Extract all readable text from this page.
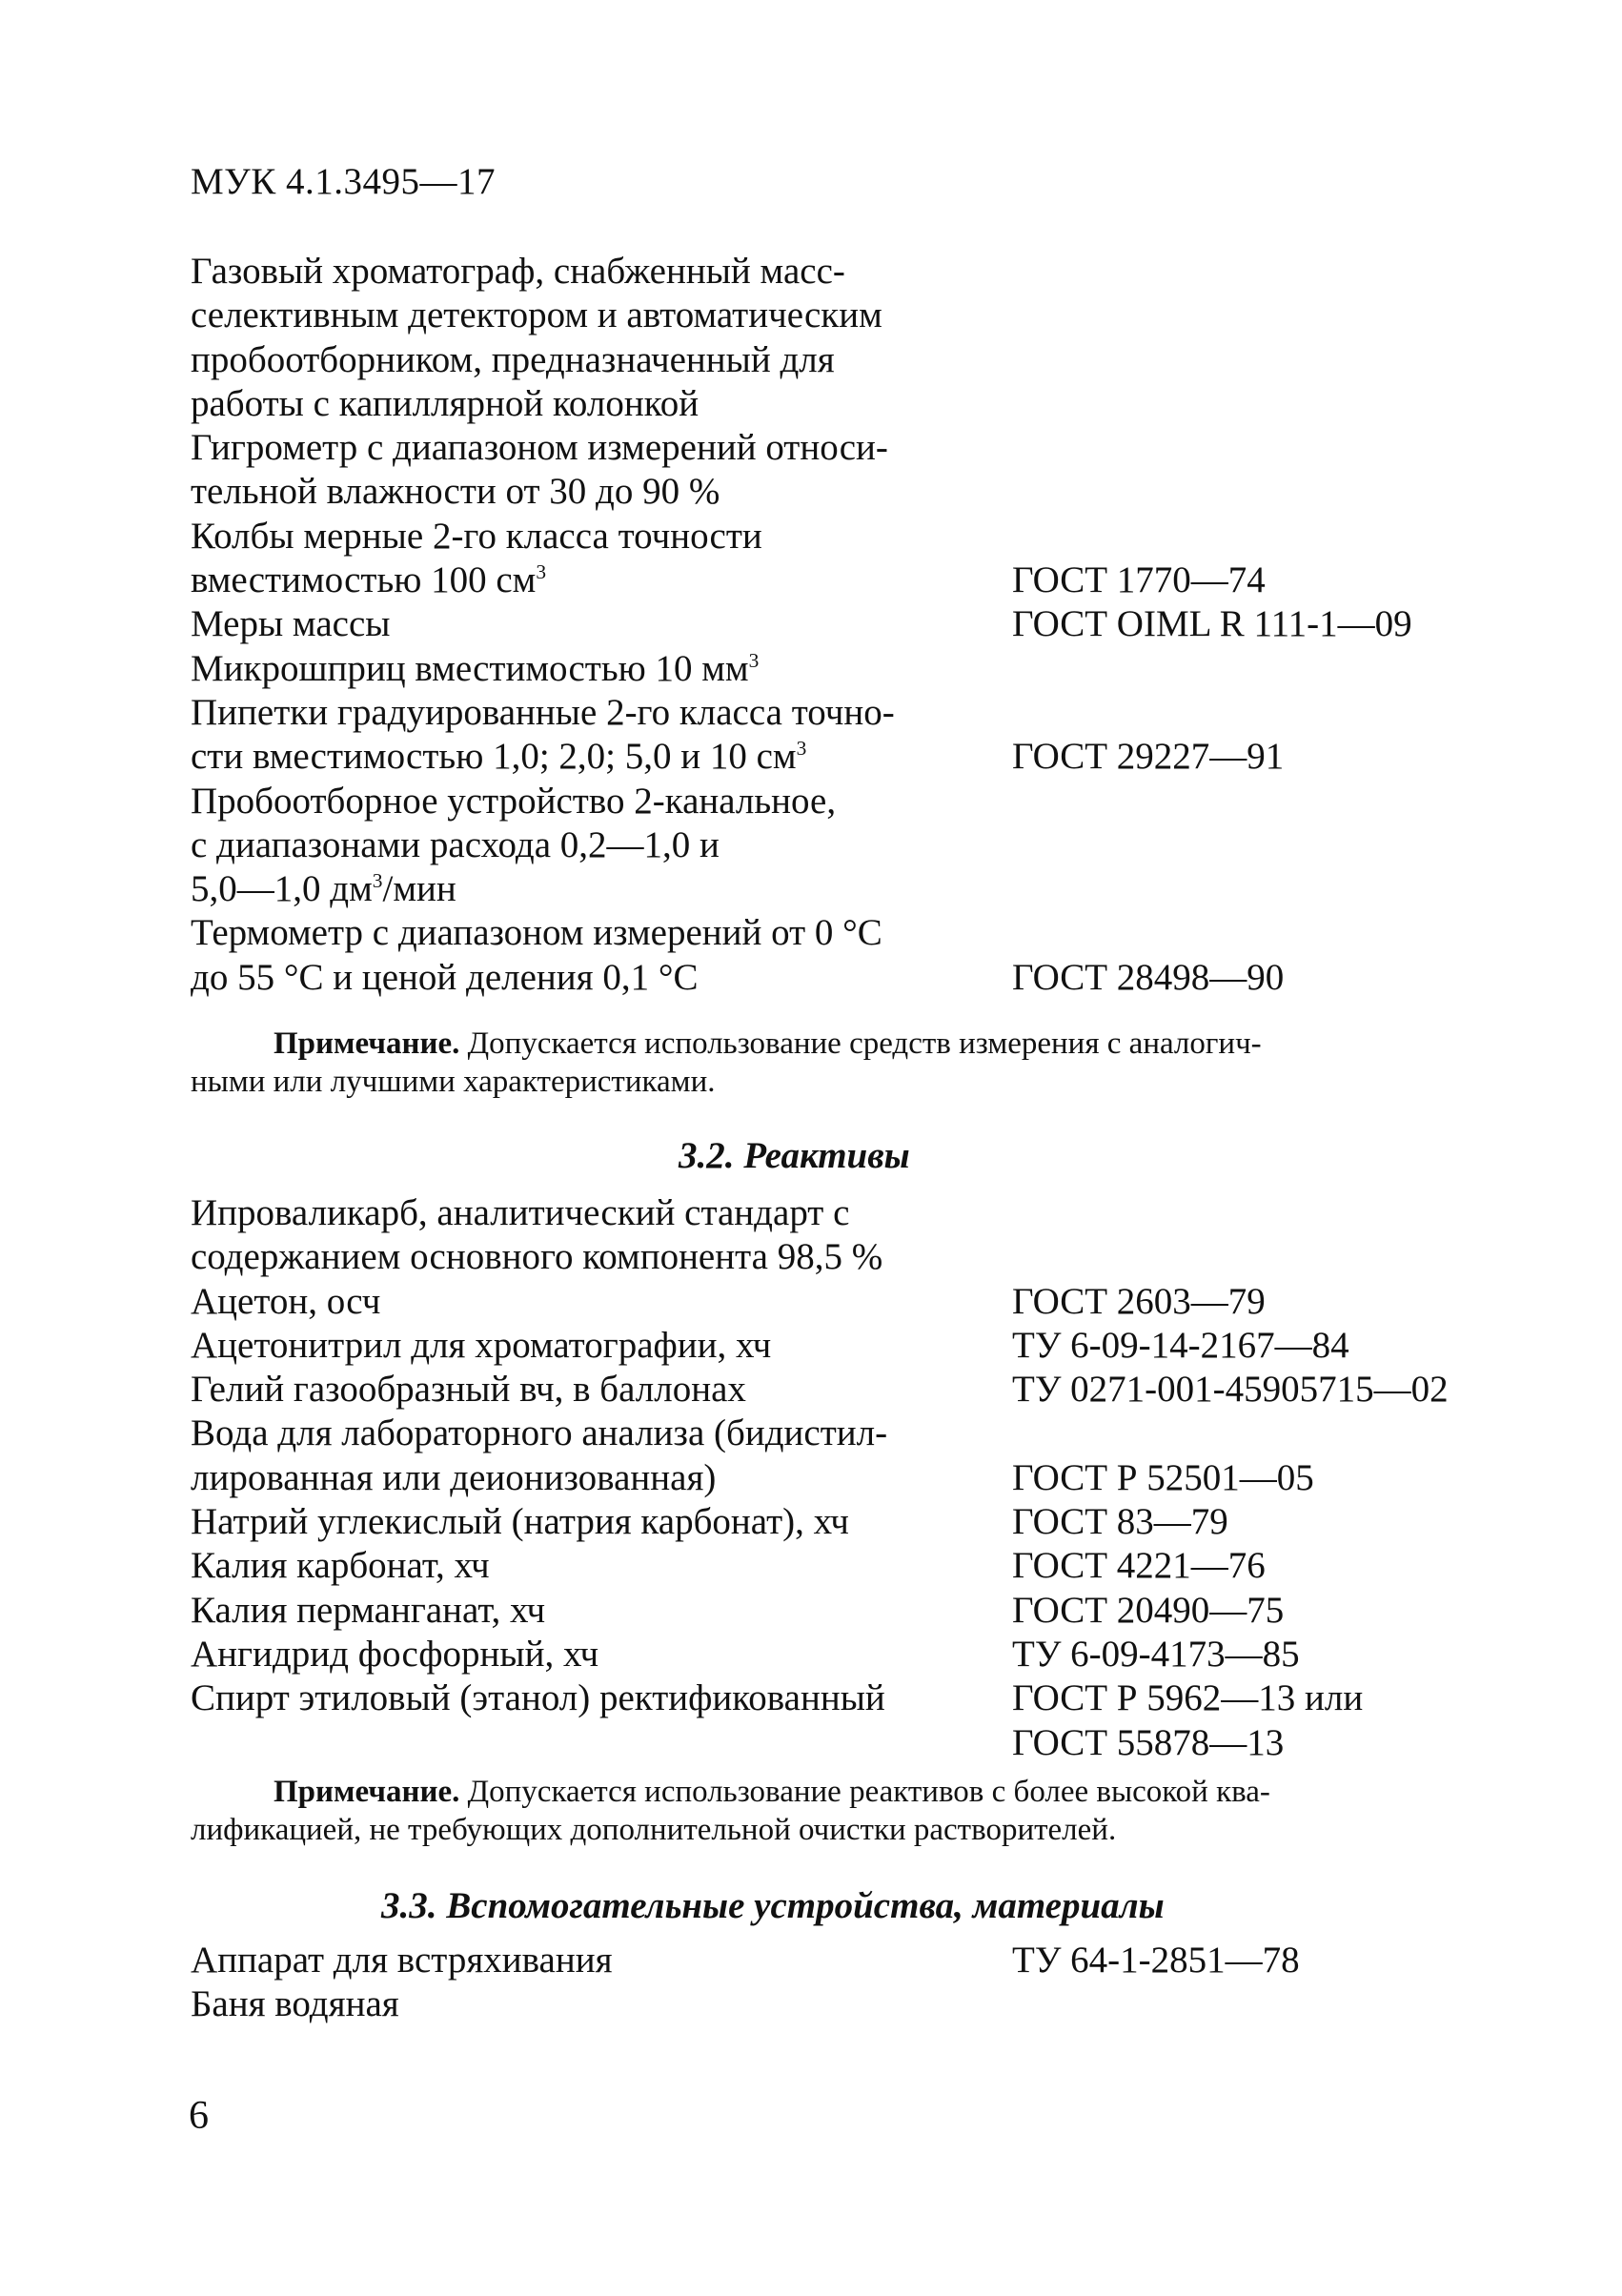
МУК 4.1.3495—17
Газовый хроматограф, снабженный масс-
селективным детектором и автоматическим
пробоотборником, предназначенный для
работы с капиллярной колонкой
Гигрометр с диапазоном измерений относи-
тельной влажности от 30 до 90 %
Колбы мерные 2-го класса точности
вместимостью 100 $см^3$	ГОСТ 1770—74
Меры массы	ГОСТ OIML R 111-1—09
Микрошприц вместимостью 10 $мм^3$
Пипетки градуированные 2-го класса точно-
сти вместимостью 1,0; 2,0; 5,0 и 10 $см^3$	ГОСТ 29227—91
Пробоотборное устройство 2-канальное,
с диапазонами расхода 0,2—1,0 и
5,0—1,0 $дм^3$/мин
Термометр с диапазоном измерений от 0 °С
до 55 °С и ценой деления 0,1 °С	ГОСТ 28498—90
Примечание. Допускается использование средств измерения с аналогич-
ными или лучшими характеристиками.
3.2. Реактивы
Ипроваликарб, аналитический стандарт с
содержанием основного компонента 98,5 %
Ацетон, осч	ГОСТ 2603—79
Ацетонитрил для хроматографии, хч	ТУ 6-09-14-2167—84
Гелий газообразный вч, в баллонах	ТУ 0271-001-45905715—02
Вода для лабораторного анализа (бидистил-
лированная или деионизованная)	ГОСТ Р 52501—05
Натрий углекислый (натрия карбонат), хч	ГОСТ 83—79
Калия карбонат, хч	ГОСТ 4221—76
Калия перманганат, хч	ГОСТ 20490—75
Ангидрид фосфорный, хч	ТУ 6-09-4173—85
Спирт этиловый (этанол) ректификованный	ГОСТ Р 5962—13 или
ГОСТ 55878—13
Примечание. Допускается использование реактивов с более высокой ква-
лификацией, не требующих дополнительной очистки растворителей.
3.3. Вспомогательные устройства, материалы
Аппарат для встряхивания	ТУ 64-1-2851—78
Баня водяная
6
